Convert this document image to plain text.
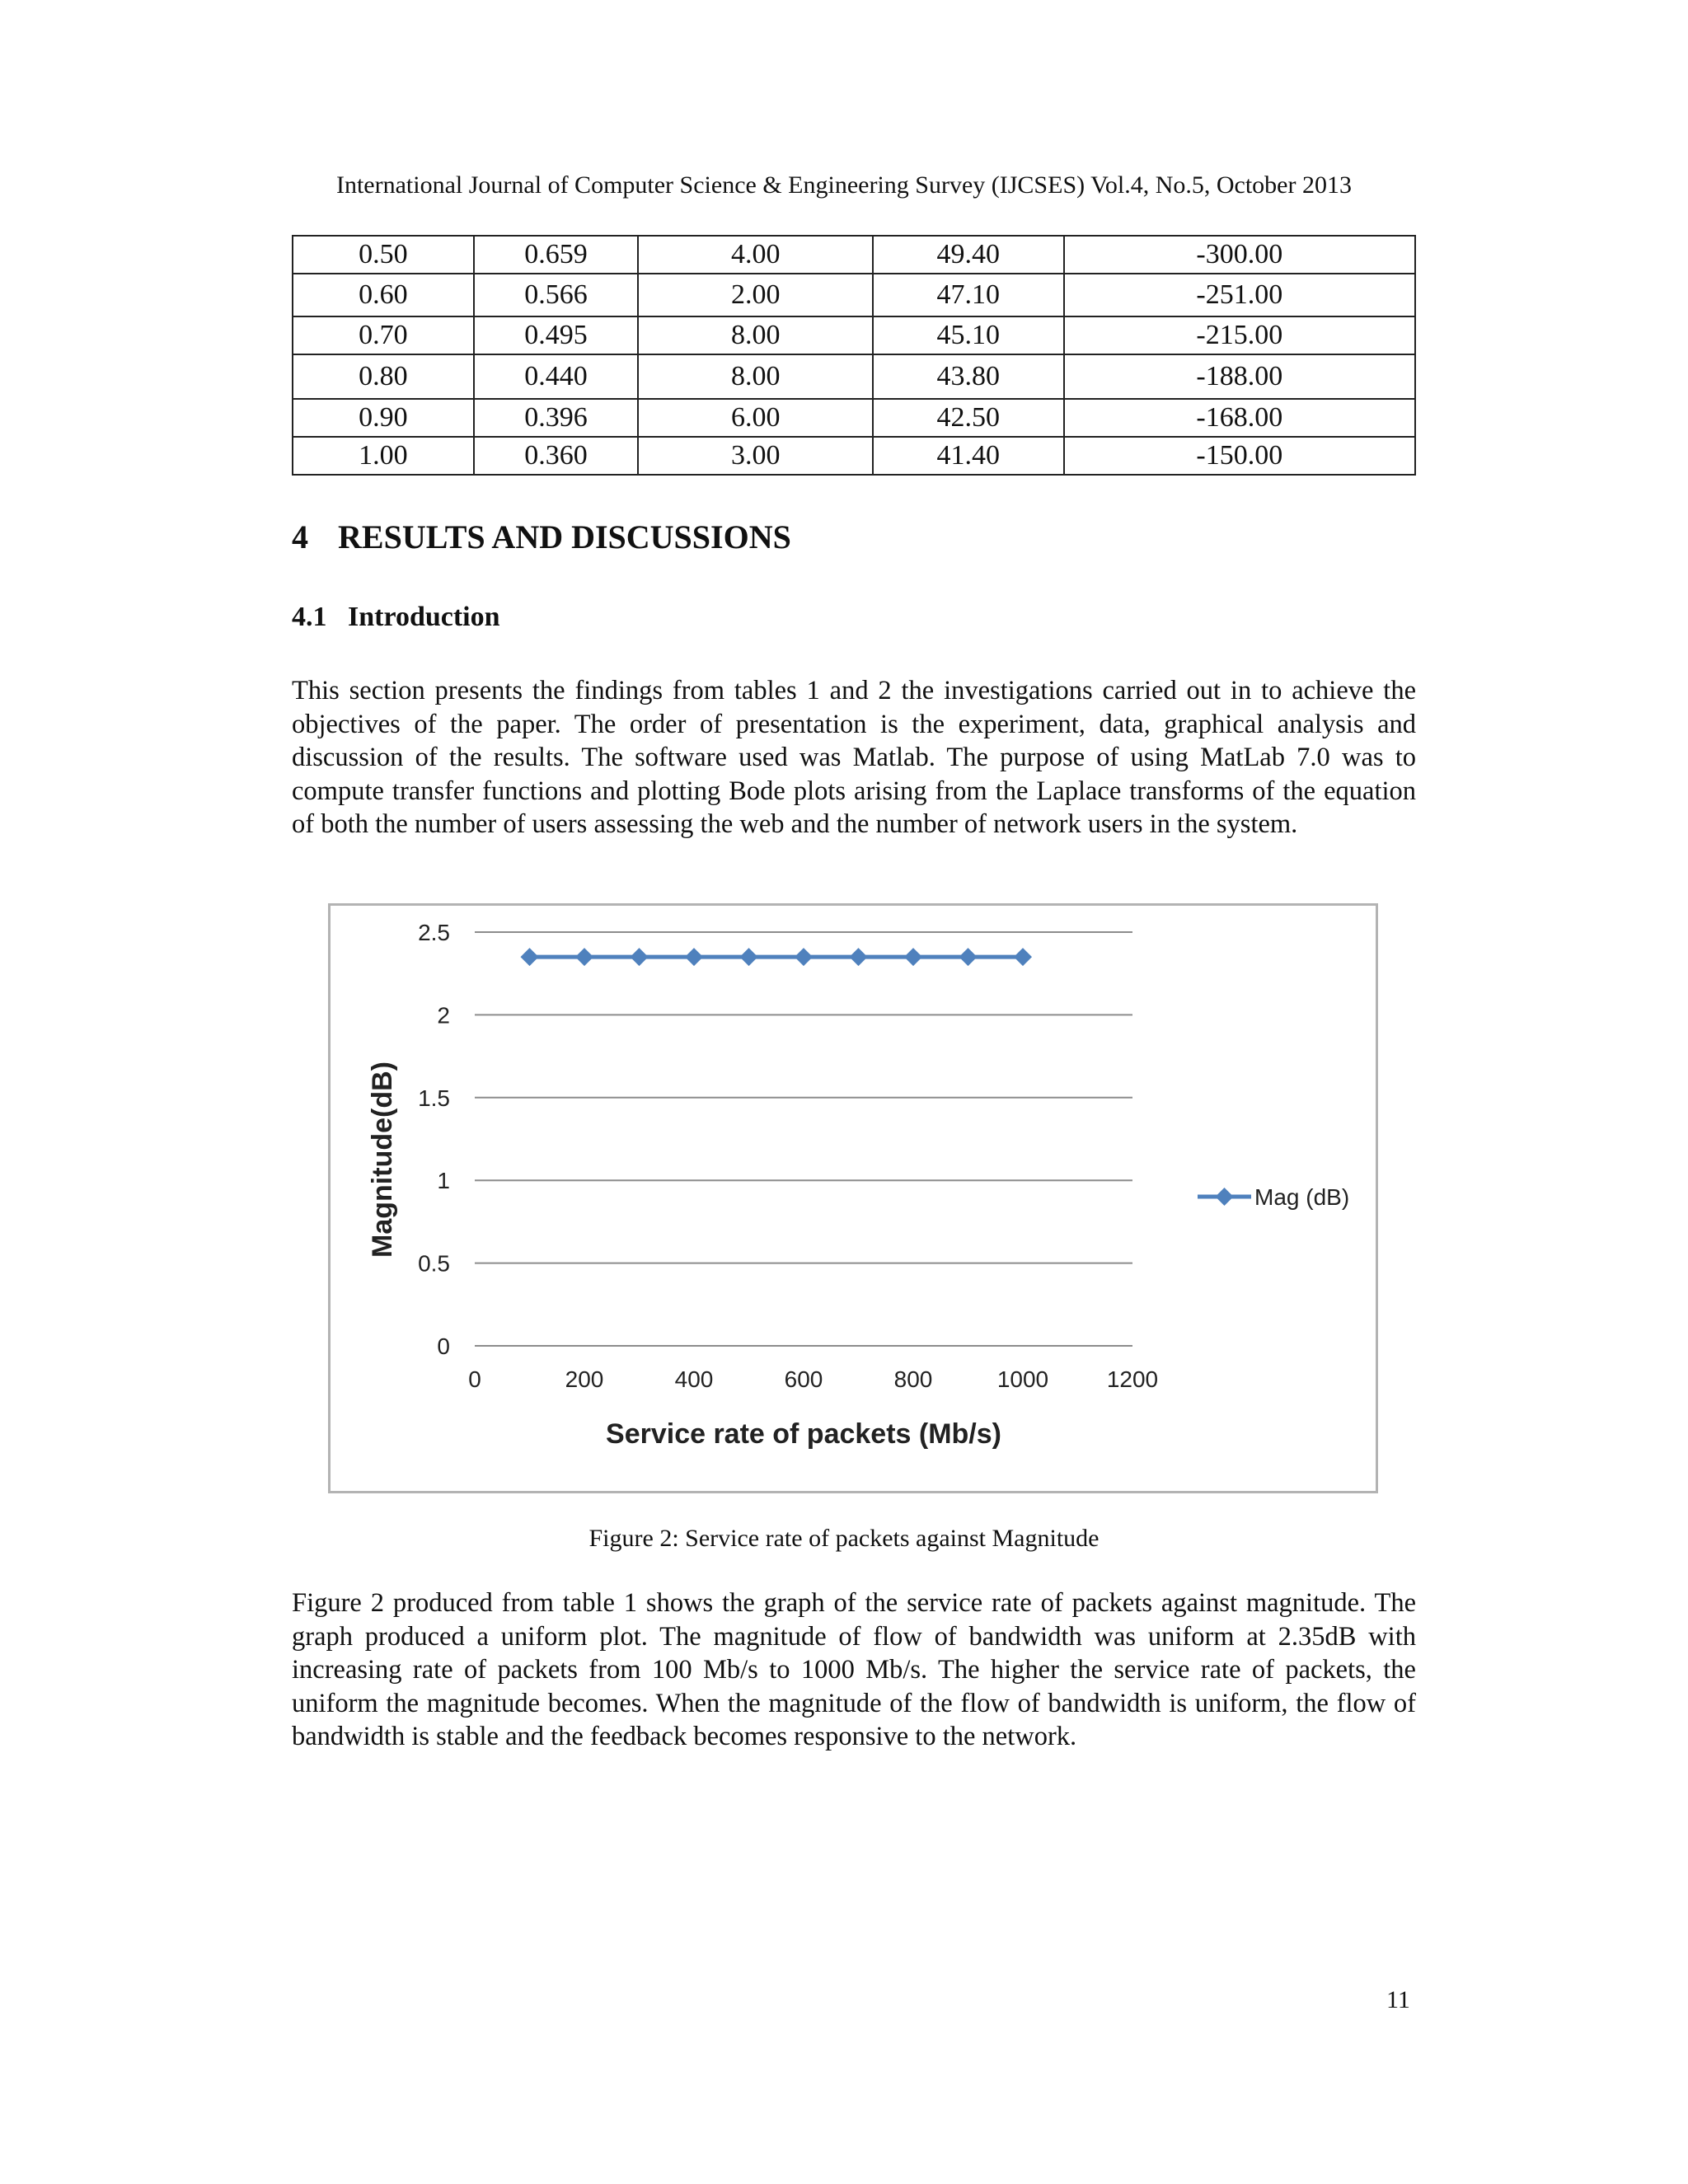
International Journal of Computer Science & Engineering Survey (IJCSES) Vol.4, No.5, October 2013
0.50	0.659	4.00	49.40	-300.00
0.60	0.566	2.00	47.10	-251.00
0.70	0.495	8.00	45.10	-215.00
0.80	0.440	8.00	43.80	-188.00
0.90	0.396	6.00	42.50	-168.00
1.00	0.360	3.00	41.40	-150.00
4 RESULTS AND DISCUSSIONS
4.1 Introduction
This section presents the findings from tables 1 and 2 the investigations carried out in to achieve the objectives of the paper. The order of presentation is the experiment, data, graphical analysis and discussion of the results. The software used was Matlab. The purpose of using MatLab 7.0 was to compute transfer functions and plotting Bode plots arising from the Laplace transforms of the equation of both the number of users assessing the web and the number of network users in the system.
0
0.5
1
1.5
2
2.5
0	200	400	600	800	1000	1200
Service rate of packets (Mb/s)
Magnitude(dB)	Mag (dB)
Figure 2: Service rate of packets against Magnitude
Figure 2 produced from table 1 shows the graph of the service rate of packets against magnitude. The graph produced a uniform plot. The magnitude of flow of bandwidth was uniform at 2.35dB with increasing rate of packets from 100 Mb/s to 1000 Mb/s. The higher the service rate of packets, the uniform the magnitude becomes. When the magnitude of the flow of bandwidth is uniform, the flow of bandwidth is stable and the feedback becomes responsive to the network.
11
